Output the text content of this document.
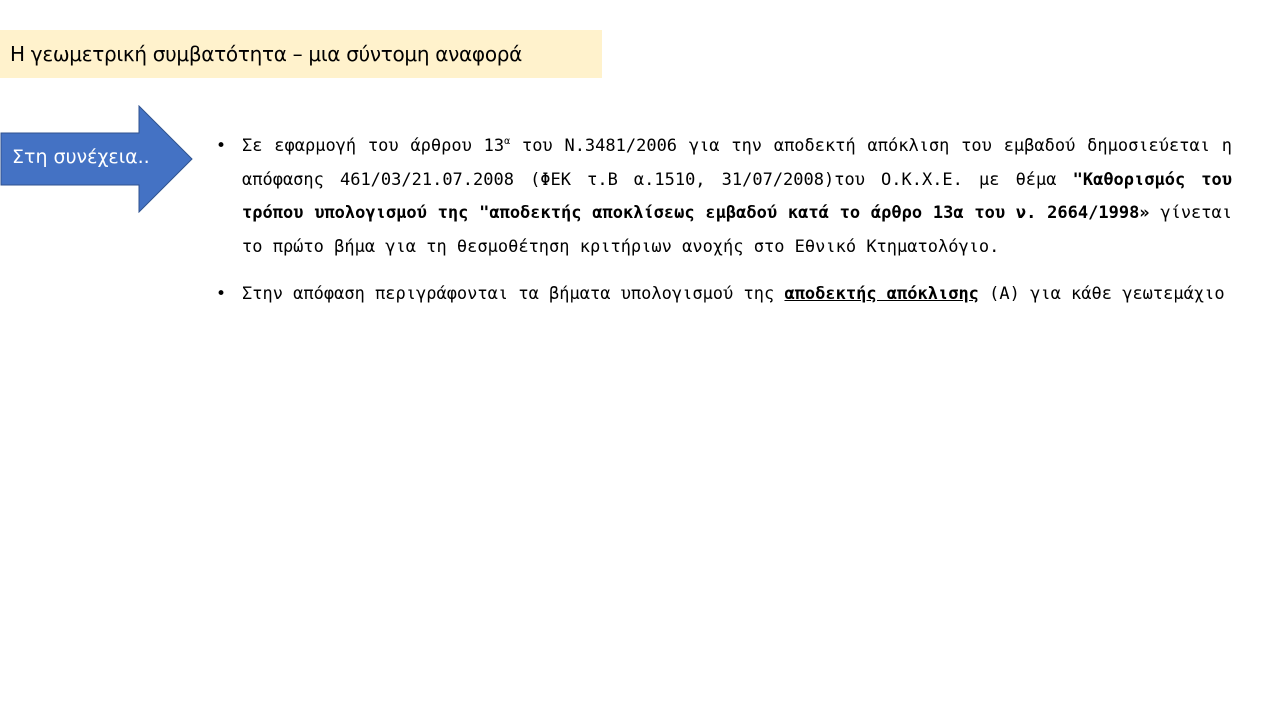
Η γεωμετρική συμβατότητα – μια σύντομη αναφορά
Στη συνέχεια..	• Σε εφαρμογή του άρθρου $13^\alpha$ του Ν.3481/2006 για την αποδεκτή απόκλιση του εμβαδού δημοσιεύεται η απόφασης 461/03/21.07.2008 (ΦΕΚ τ.Β α.1510, 31/07/2008)του Ο.Κ.Χ.Ε. με θέμα "Καθορισμός του τρόπου υπολογισμού της "αποδεκτής αποκλίσεως εμβαδού κατά το άρθρο 13α του ν. 2664/1998» γίνεται το πρώτο βήμα για τη θεσμοθέτηση κριτήριων ανοχής στο Εθνικό Κτηματολόγιο.
• Στην απόφαση περιγράφονται τα βήματα υπολογισμού της αποδεκτής απόκλισης (Α) για κάθε γεωτεμάχιο
